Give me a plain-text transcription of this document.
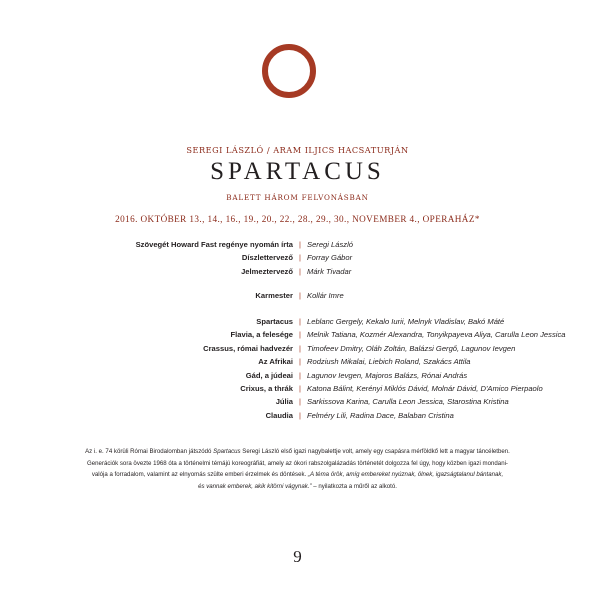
SEREGI LÁSZLÓ / ARAM ILJICS HACSATURJÁN
SPARTACUS
BALETT HÁROM FELVONÁSBAN
2016. OKTÓBER 13., 14., 16., 19., 20., 22., 28., 29., 30., NOVEMBER 4., OPERAHÁZ*
Szövegét Howard Fast regénye nyomán írta | Seregi László
Díszlettervező | Forray Gábor
Jelmeztervező | Márk Tivadar
Karmester | Kollár Imre
Spartacus | Leblanc Gergely, Kekalo Iurii, Melnyk Vladislav, Bakó Máté
Flavia, a felesége | Melnik Tatiana, Kozmér Alexandra, Tonyikpayeva Aliya, Carulla Leon Jessica
Crassus, római hadvezér | Timofeev Dmitry, Oláh Zoltán, Balázsi Gergő, Lagunov Ievgen
Az Afrikai | Rodziush Mikalai, Liebich Roland, Szakács Attila
Gád, a júdeai | Lagunov Ievgen, Majoros Balázs, Rónai András
Crixus, a thrák | Katona Bálint, Kerényi Miklós Dávid, Molnár Dávid, D'Amico Pierpaolo
Júlia | Sarkissova Karina, Carulla Leon Jessica, Starostina Kristina
Claudia | Felméry Lili, Radina Dace, Balaban Cristina
Az i. e. 74 körüli Római Birodalomban játszódó Spartacus Seregi László első igazi nagybalettje volt, amely egy csapásra mérföldkő lett a magyar táncéletben.
Generációk sora övezte 1968 óta a történelmi témájú koreográfiát, amely az ókori rabszolgalázadás történetét dolgozza fel úgy, hogy közben igazi mondani-
valója a forradalom, valamint az elnyomás szülte emberi érzelmek és döntések. „A téma örök, amíg embereket nyúznak, ölnek, igazságtalanul bántanak,
és vannak emberek, akik kitörni vágynak.” – nyilatkozta a műről az alkotó.
9
